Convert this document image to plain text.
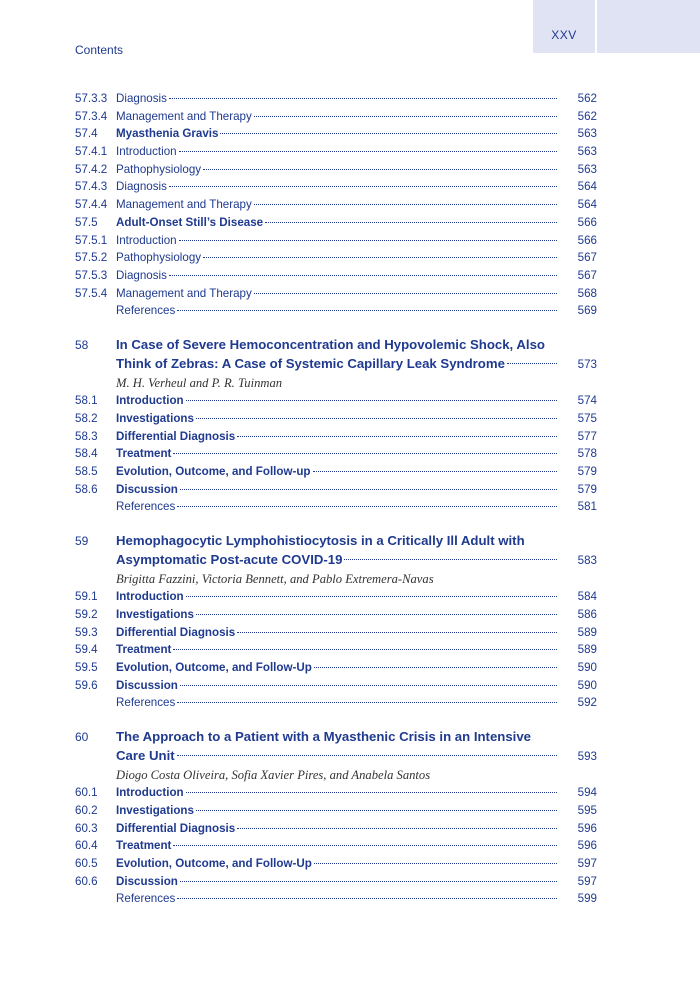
XXV
Contents
57.3.3 Diagnosis	562
57.3.4 Management and Therapy	562
57.4	Myasthenia Gravis	563
57.4.1 Introduction	563
57.4.2 Pathophysiology	563
57.4.3 Diagnosis	564
57.4.4 Management and Therapy	564
57.5	Adult-Onset Still’s Disease	566
57.5.1 Introduction	566
57.5.2 Pathophysiology	567
57.5.3 Diagnosis	567
57.5.4 Management and Therapy	568
References	569
58	In Case of Severe Hemoconcentration and Hypovolemic Shock, Also
Think of Zebras: A Case of Systemic Capillary Leak Syndrome	573
M. H. Verheul and P. R. Tuinman
58.1	Introduction	574
58.2	Investigations	575
58.3	Differential Diagnosis	577
58.4	Treatment	578
58.5	Evolution, Outcome, and Follow-up	579
58.6	Discussion	579
References	581
59	Hemophagocytic Lymphohistiocytosis in a Critically Ill Adult with
Asymptomatic Post-acute COVID-19	583
Brigitta Fazzini, Victoria Bennett, and Pablo Extremera-Navas
59.1	Introduction	584
59.2	Investigations	586
59.3	Differential Diagnosis	589
59.4	Treatment	589
59.5	Evolution, Outcome, and Follow-Up	590
59.6	Discussion	590
References	592
60	The Approach to a Patient with a Myasthenic Crisis in an Intensive
Care Unit	593
Diogo Costa Oliveira, Sofia Xavier Pires, and Anabela Santos
60.1	Introduction	594
60.2	Investigations	595
60.3	Differential Diagnosis	596
60.4	Treatment	596
60.5	Evolution, Outcome, and Follow-Up	597
60.6	Discussion	597
References	599
